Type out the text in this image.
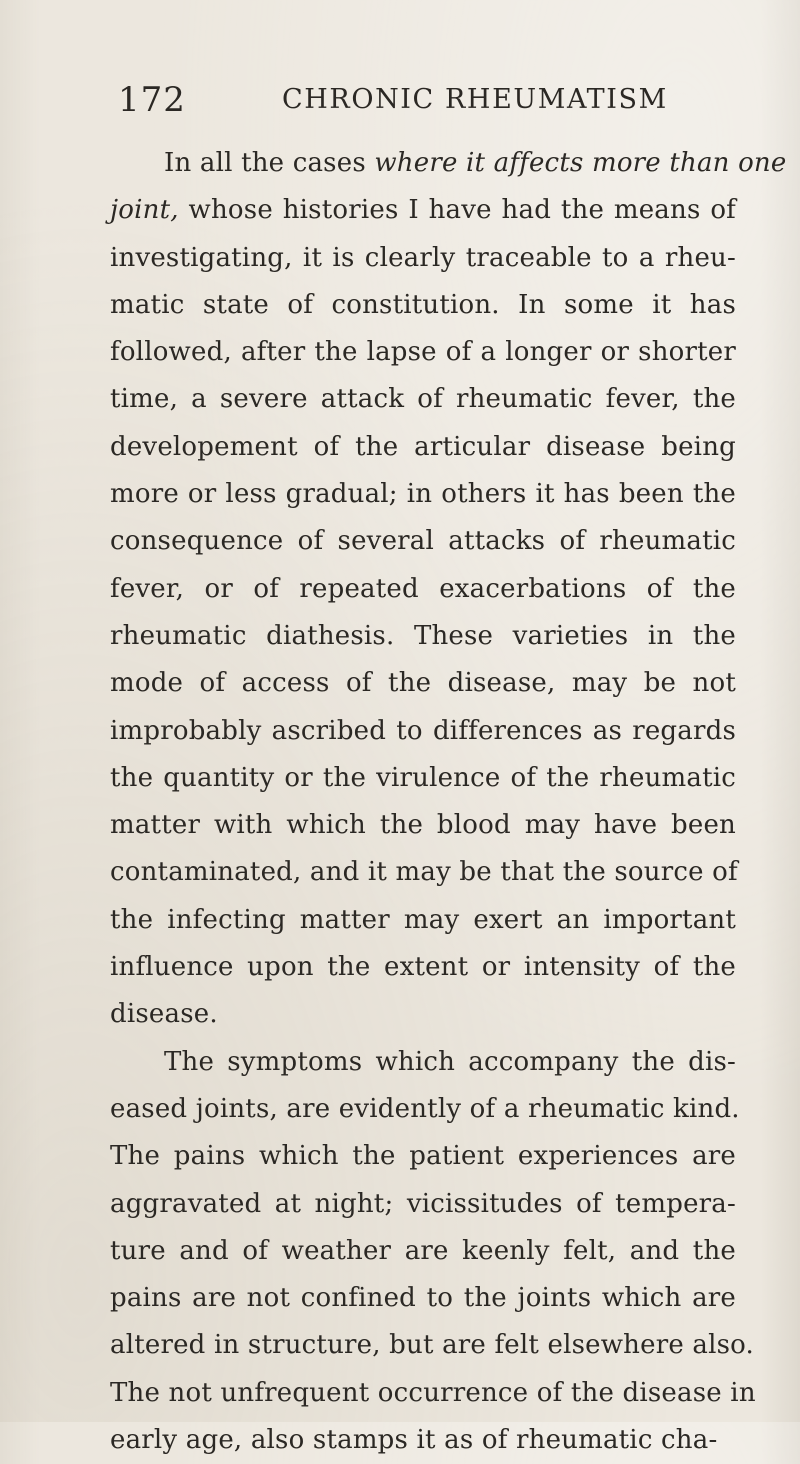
172	CHRONIC RHEUMATISM
In all the cases where it affects more than one
joint, whose histories I have had the means of
investigating, it is clearly traceable to a rheu-
matic state of constitution. In some it has
followed, after the lapse of a longer or shorter
time, a severe attack of rheumatic fever, the
developement of the articular disease being
more or less gradual; in others it has been the
consequence of several attacks of rheumatic
fever, or of repeated exacerbations of the
rheumatic diathesis. These varieties in the
mode of access of the disease, may be not
improbably ascribed to differences as regards
the quantity or the virulence of the rheumatic
matter with which the blood may have been
contaminated, and it may be that the source of
the infecting matter may exert an important
influence upon the extent or intensity of the
disease.
The symptoms which accompany the dis-
eased joints, are evidently of a rheumatic kind.
The pains which the patient experiences are
aggravated at night; vicissitudes of tempera-
ture and of weather are keenly felt, and the
pains are not confined to the joints which are
altered in structure, but are felt elsewhere also.
The not unfrequent occurrence of the disease in
early age, also stamps it as of rheumatic cha-
